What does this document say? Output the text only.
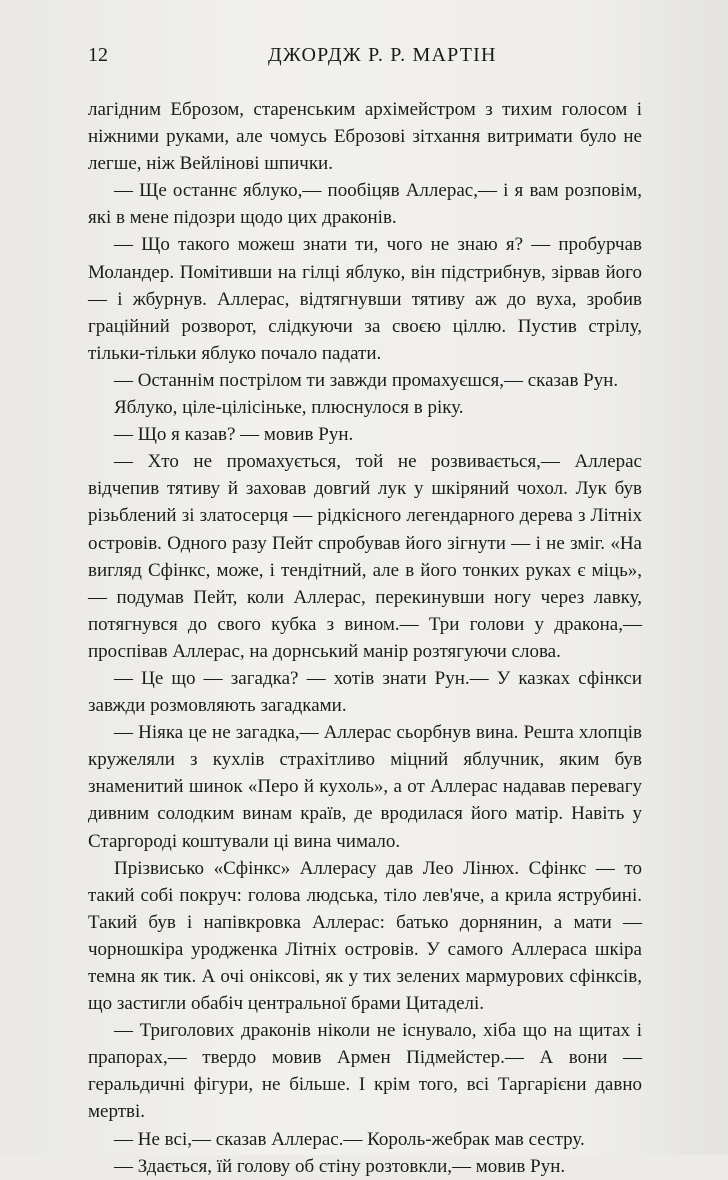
12	ДЖОРДЖ Р. Р. МАРТІН

лагідним Еброзом, старенським архімейстром з тихим голосом і ніжними руками, але чомусь Еброзові зітхання витримати було не легше, ніж Вейлінові шпички.

— Ще останнє яблуко,— пообіцяв Аллерас,— і я вам розповім, які в мене підозри щодо цих драконів.

— Що такого можеш знати ти, чого не знаю я? — пробурчав Моландер. Помітивши на гілці яблуко, він підстрибнув, зірвав його — і жбурнув. Аллерас, відтягнувши тятиву аж до вуха, зробив граційний розворот, слідкуючи за своєю ціллю. Пустив стрілу, тільки-тільки яблуко почало падати.

— Останнім пострілом ти завжди промахуєшся,— сказав Рун.

Яблуко, ціле-цілісіньке, плюснулося в ріку.

— Що я казав? — мовив Рун.

— Хто не промахується, той не розвивається,— Аллерас відчепив тятиву й заховав довгий лук у шкіряний чохол. Лук був різьблений зі златосерця — рідкісного легендарного дерева з Літніх островів. Одного разу Пейт спробував його зігнути — і не зміг. «На вигляд Сфінкс, може, і тендітний, але в його тонких руках є міць»,— подумав Пейт, коли Аллерас, перекинувши ногу через лавку, потягнувся до свого кубка з вином.— Три голови у дракона,— проспівав Аллерас, на дорнський манір розтягуючи слова.

— Це що — загадка? — хотів знати Рун.— У казках сфінкси завжди розмовляють загадками.

— Ніяка це не загадка,— Аллерас сьорбнув вина. Решта хлопців кружеляли з кухлів страхітливо міцний яблучник, яким був знаменитий шинок «Перо й кухоль», а от Аллерас надавав перевагу дивним солодким винам країв, де вродилася його матір. Навіть у Старгороді коштували ці вина чимало.

Прізвисько «Сфінкс» Аллерасу дав Лео Лінюх. Сфінкс — то такий собі покруч: голова людська, тіло лев'яче, а крила яструбині. Такий був і напівкровка Аллерас: батько дорнянин, а мати — чорношкіра уродженка Літніх островів. У самого Аллераса шкіра темна як тик. А очі оніксові, як у тих зелених мармурових сфінксів, що застигли обабіч центральної брами Цитаделі.

— Триголових драконів ніколи не існувало, хіба що на щитах і прапорах,— твердо мовив Армен Підмейстер.— А вони — геральдичні фігури, не більше. І крім того, всі Таргарієни давно мертві.

— Не всі,— сказав Аллерас.— Король-жебрак мав сестру.

— Здається, їй голову об стіну розтовкли,— мовив Рун.
